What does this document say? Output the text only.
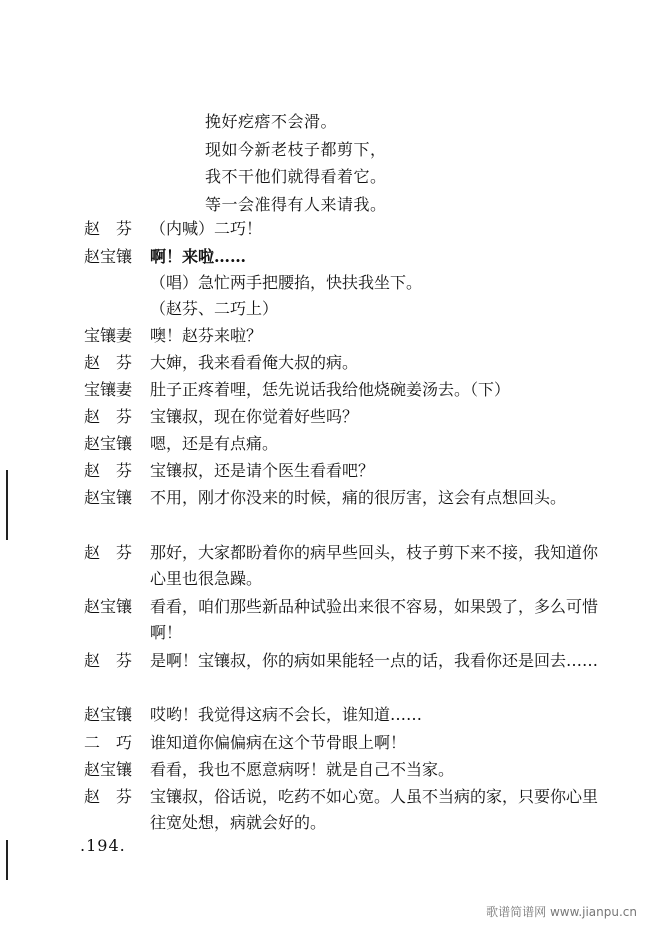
挽好疙瘩不会滑。
现如今新老枝子都剪下，
我不干他们就得看着它。
等一会准得有人来请我。
赵　芬	（内喊）二巧！
赵宝镶	啊！来啦……
（唱）急忙两手把腰掐，快扶我坐下。
（赵芬、二巧上）
宝镶妻	噢！赵芬来啦？
赵　芬	大婶，我来看看俺大叔的病。
宝镶妻	肚子正疼着哩，恁先说话我给他烧碗姜汤去。（下）
赵　芬	宝镶叔，现在你觉着好些吗？
赵宝镶	嗯，还是有点痛。
赵　芬	宝镶叔，还是请个医生看看吧？
赵宝镶	不用，刚才你没来的时候，痛的很厉害，这会有点想回头。
赵　芬	那好，大家都盼着你的病早些回头，枝子剪下来不接，我知道你心里也很急躁。
赵宝镶	看看，咱们那些新品种试验出来很不容易，如果毁了，多么可惜啊！
赵　芬	是啊！宝镶叔，你的病如果能轻一点的话，我看你还是回去……
赵宝镶	哎哟！我觉得这病不会长，谁知道……
二　巧	谁知道你偏偏病在这个节骨眼上啊！
赵宝镶	看看，我也不愿意病呀！就是自己不当家。
赵　芬	宝镶叔，俗话说，吃药不如心宽。人虽不当病的家，只要你心里往宽处想，病就会好的。
.194.
歌谱简谱网 www.jianpu.cn
